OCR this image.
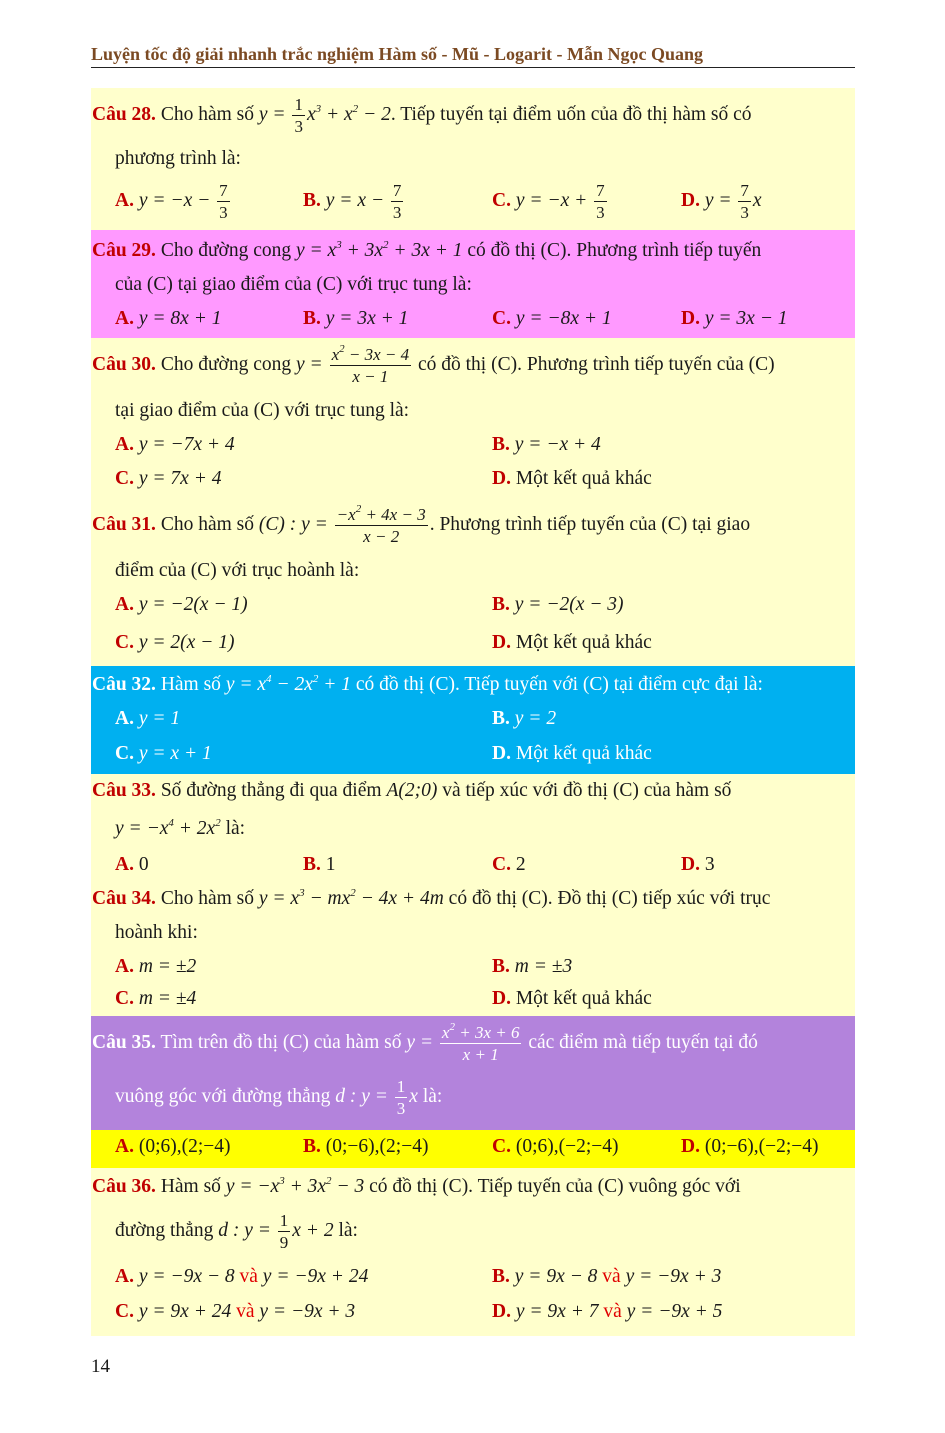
Luyện tốc độ giải nhanh trắc nghiệm Hàm số - Mũ - Logarit - Mẫn Ngọc Quang
Câu 28. Cho hàm số $y = \frac{1}{3} x^3 + x^2 - 2$. Tiếp tuyến tại điểm uốn của đồ thị hàm số có
phương trình là:
A. $y = -x - \frac{7}{3}$	B. $y = x - \frac{7}{3}$	C. $y = -x + \frac{7}{3}$	D. $y = \frac{7}{3}$ x
Câu 29. Cho đường cong $y = x^3 + 3x^2 + 3x + 1$ có đồ thị (C). Phương trình tiếp tuyến
của (C) tại giao điểm của (C) với trục tung là:
A. y = 8x + 1	B. y = 3x + 1	C. y = −8x + 1	D. y = 3x − 1
Câu 30. Cho đường cong $y = \frac{x^2 - 3x - 4}{x - 1}$ có đồ thị (C). Phương trình tiếp tuyến của (C)
tại giao điểm của (C) với trục tung là:
A. y = −7x + 4	B. y = −x + 4
C. y = 7x + 4	D. Một kết quả khác
Câu 31. Cho hàm số (C) : $y = \frac{-x^2 + 4x - 3}{x - 2}$ . Phương trình tiếp tuyến của (C) tại giao
điểm của (C) với trục hoành là:
A. y = −2(x − 1)	B. y = −2(x − 3)
C. y = 2(x − 1)	D. Một kết quả khác
Câu 32. Hàm số $y = x^4 - 2x^2 + 1$ có đồ thị (C). Tiếp tuyến với (C) tại điểm cực đại là:
A. y = 1	B. y = 2
C. y = x + 1	D. Một kết quả khác
Câu 33. Số đường thẳng đi qua điểm A(2;0) và tiếp xúc với đồ thị (C) của hàm số
$y = -x^4 + 2x^2$ là:
A. 0	B. 1	C. 2	D. 3
Câu 34. Cho hàm số $y = x^3 - mx^2 - 4x + 4m$ có đồ thị (C). Đồ thị (C) tiếp xúc với trục
hoành khi:
A. m = ±2	B. m = ±3
C. m = ±4	D. Một kết quả khác
Câu 35. Tìm trên đồ thị (C) của hàm số $y = \frac{x^2 + 3x + 6}{x + 1}$ các điểm mà tiếp tuyến tại đó
vuông góc với đường thẳng d : $y = \frac{1}{3}$ x là:
A. (0;6),(2;−4)	B. (0;−6),(2;−4)	C. (0;6),(−2;−4)	D. (0;−6),(−2;−4)
Câu 36. Hàm số $y = -x^3 + 3x^2 - 3$ có đồ thị (C). Tiếp tuyến của (C) vuông góc với
đường thẳng d : $y = \frac{1}{9}$ x + 2 là:
A. y = −9x − 8 và y = −9x + 24	B. y = 9x − 8 và y = −9x + 3
C. y = 9x + 24 và y = −9x + 3	D. y = 9x + 7 và y = −9x + 5
14
